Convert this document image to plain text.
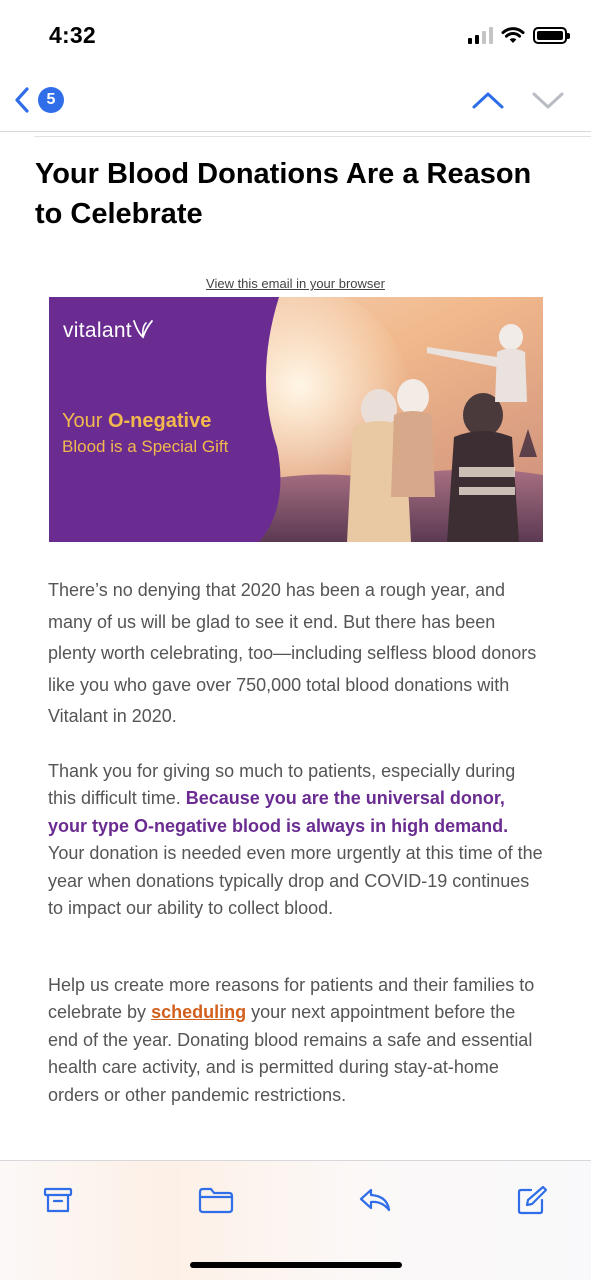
4:32
5
Your Blood Donations Are a Reason to Celebrate
View this email in your browser
vitalant
Your O-negative
Blood is a Special Gift
There’s no denying that 2020 has been a rough year, and many of us will be glad to see it end. But there has been plenty worth celebrating, too—including selfless blood donors like you who gave over 750,000 total blood donations with Vitalant in 2020.
Thank you for giving so much to patients, especially during this difficult time. Because you are the universal donor, your type O-negative blood is always in high demand. Your donation is needed even more urgently at this time of the year when donations typically drop and COVID-19 continues to impact our ability to collect blood.
Help us create more reasons for patients and their families to celebrate by scheduling your next appointment before the end of the year. Donating blood remains a safe and essential health care activity, and is permitted during stay-at-home orders or other pandemic restrictions.
